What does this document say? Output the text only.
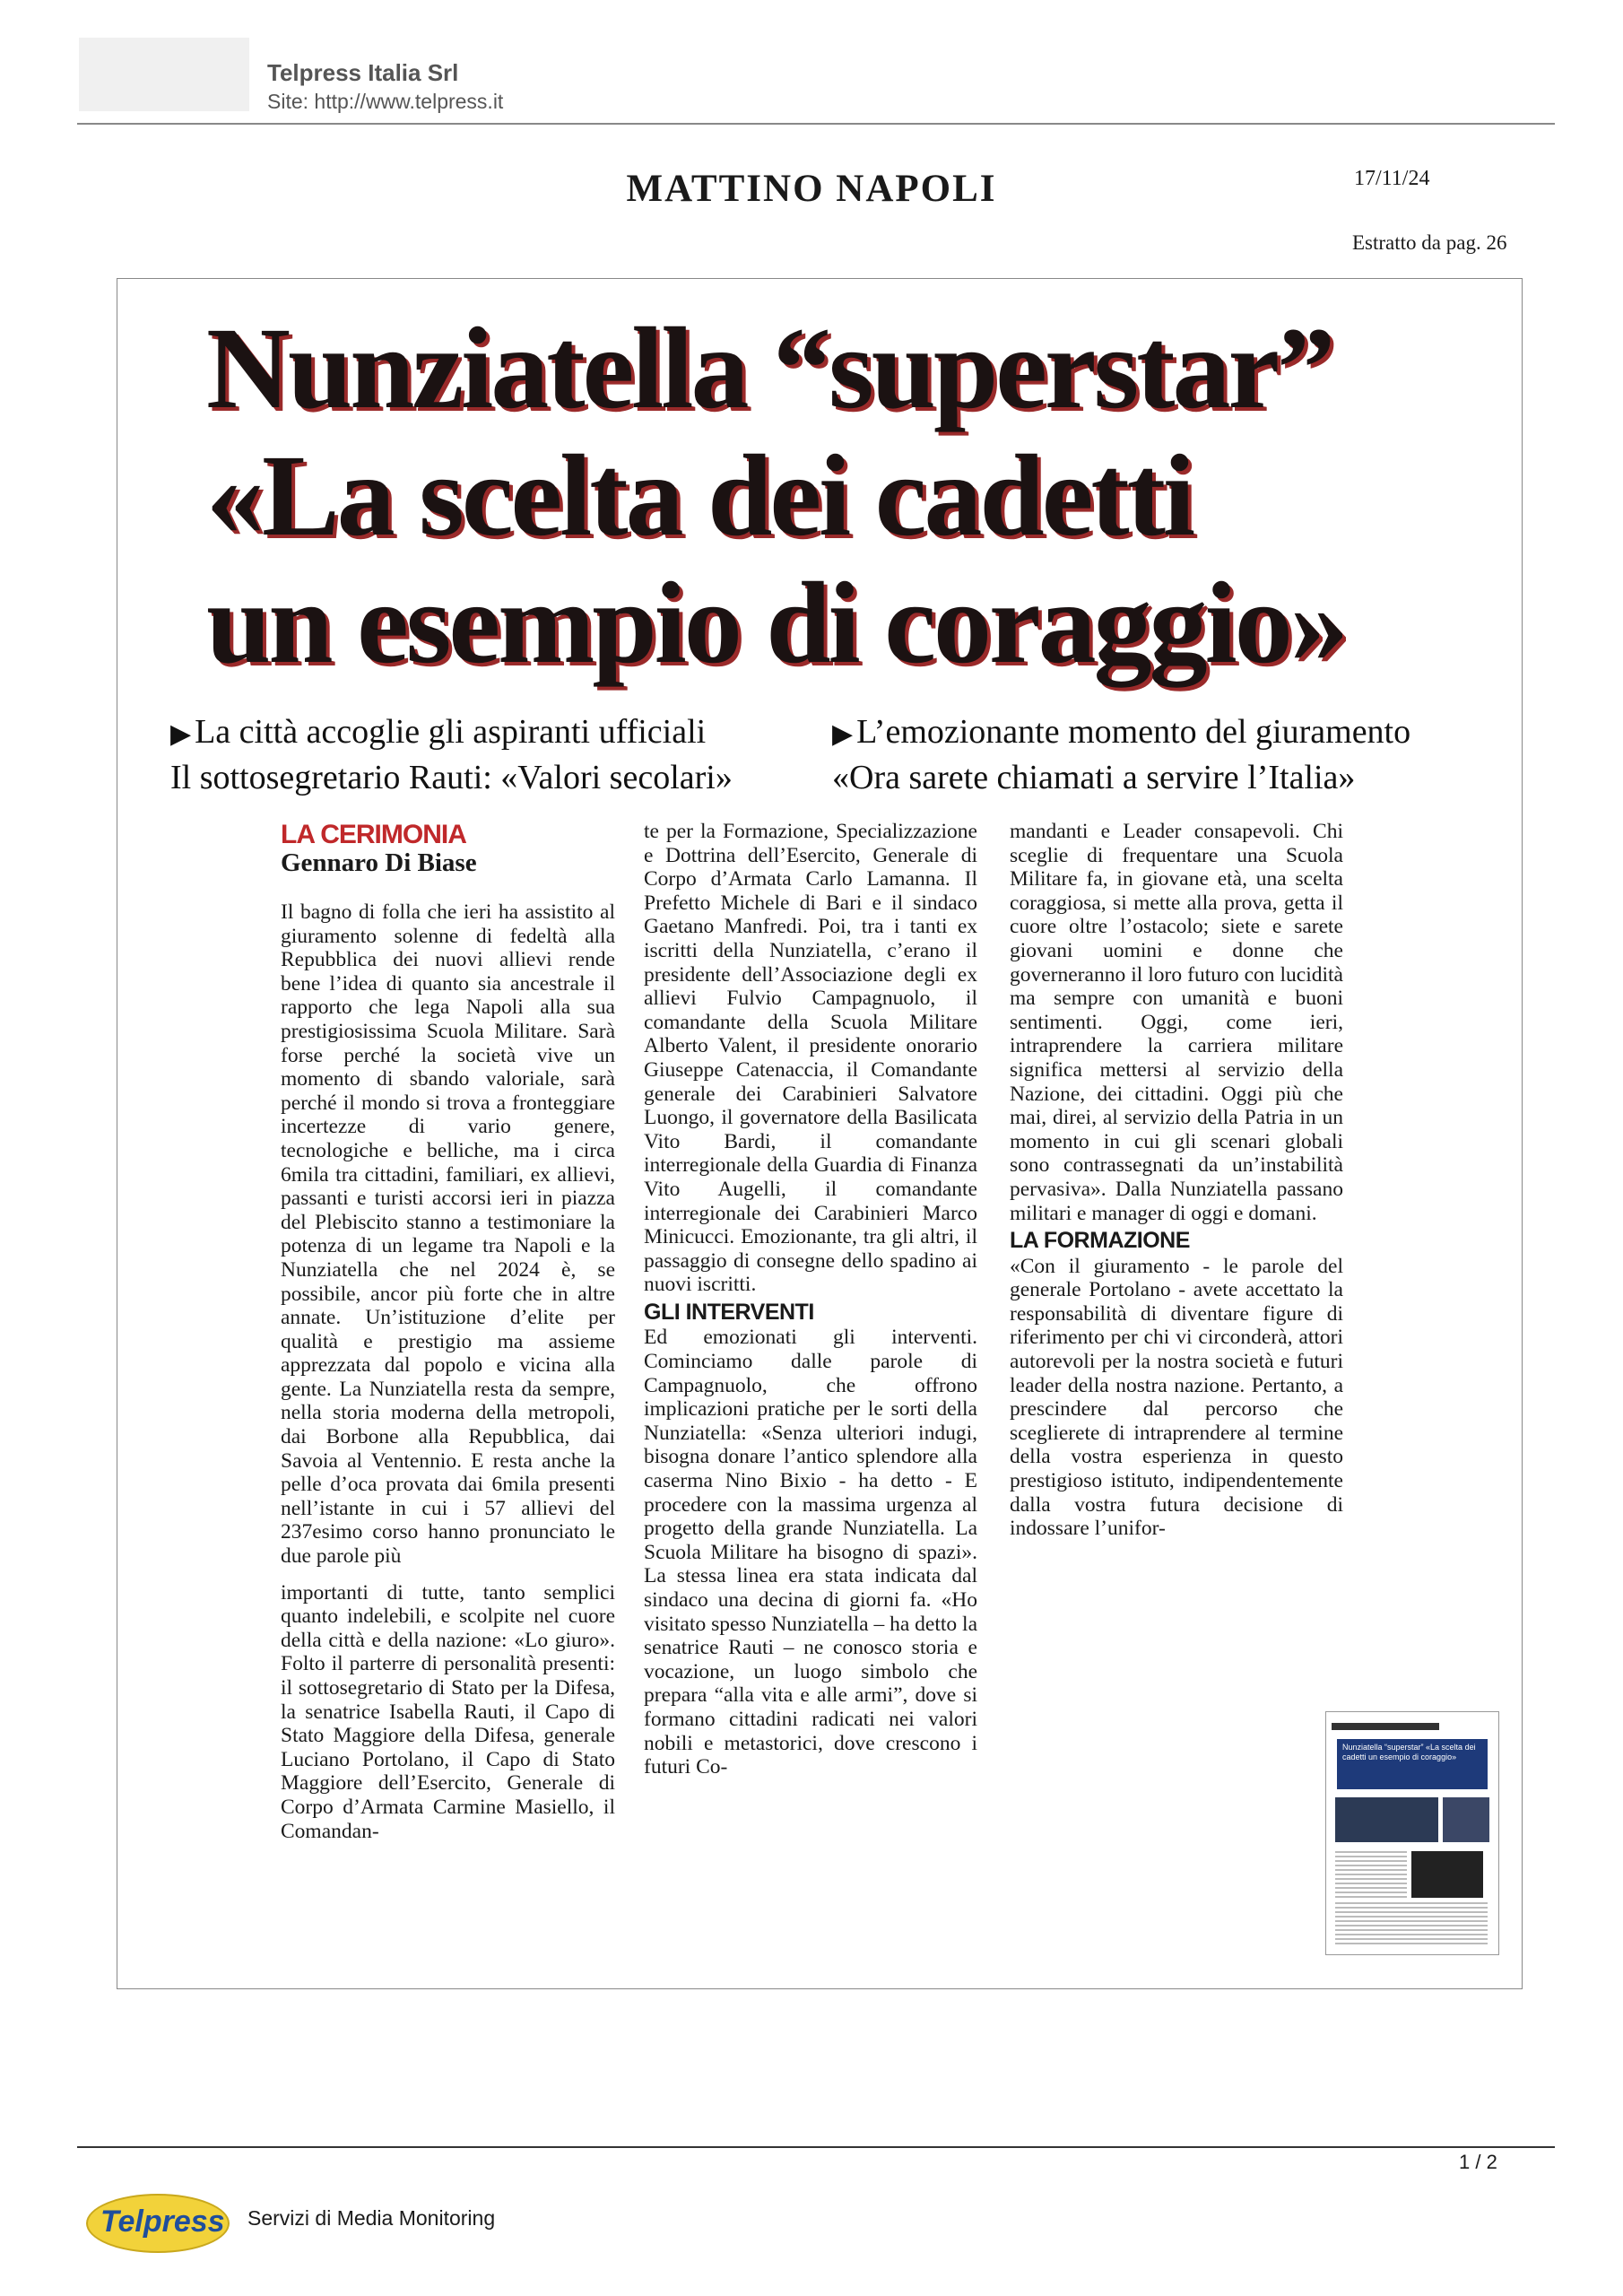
Telpress Italia Srl
Site: http://www.telpress.it
MATTINO NAPOLI	17/11/24
Estratto da pag. 26
Nunziatella “superstar”
«La scelta dei cadetti
un esempio di coraggio»
▶ La città accoglie gli aspiranti ufficiali
Il sottosegretario Rauti: «Valori secolari»
▶ L’emozionante momento del giuramento
«Ora sarete chiamati a servire l’Italia»
LA CERIMONIA
Gennaro Di Biase

Il bagno di folla che ieri ha assistito al giuramento solenne di fedeltà alla Repubblica dei nuovi allievi rende bene l’idea di quanto sia ancestrale il rapporto che lega Napoli alla sua prestigiosissima Scuola Militare. Sarà forse perché la società vive un momento di sbando valoriale, sarà perché il mondo si trova a fronteggiare incertezze di vario genere, tecnologiche e belliche, ma i circa 6mila tra cittadini, familiari, ex allievi, passanti e turisti accorsi ieri in piazza del Plebiscito stanno a testimoniare la potenza di un legame tra Napoli e la Nunziatella che nel 2024 è, se possibile, ancor più forte che in altre annate. Un’istituzione d’elite per qualità e prestigio ma assieme apprezzata dal popolo e vicina alla gente. La Nunziatella resta da sempre, nella storia moderna della metropoli, dai Borbone alla Repubblica, dai Savoia al Ventennio. E resta anche la pelle d’oca provata dai 6mila presenti nell’istante in cui i 57 allievi del 237esimo corso hanno pronunciato le due parole più

importanti di tutte, tanto semplici quanto indelebili, e scolpite nel cuore della città e della nazione: «Lo giuro». Folto il parterre di personalità presenti: il sottosegretario di Stato per la Difesa, la senatrice Isabella Rauti, il Capo di Stato Maggiore della Difesa, generale Luciano Portolano, il Capo di Stato Maggiore dell’Esercito, Generale di Corpo d’Armata Carmine Masiello, il Comandan-

te per la Formazione, Specializzazione e Dottrina dell’Esercito, Generale di Corpo d’Armata Carlo Lamanna. Il Prefetto Michele di Bari e il sindaco Gaetano Manfredi. Poi, tra i tanti ex iscritti della Nunziatella, c’erano il presidente dell’Associazione degli ex allievi Fulvio Campagnuolo, il comandante della Scuola Militare Alberto Valent, il presidente onorario Giuseppe Catenaccia, il Comandante generale dei Carabinieri Salvatore Luongo, il governatore della Basilicata Vito Bardi, il comandante interregionale della Guardia di Finanza Vito Augelli, il comandante interregionale dei Carabinieri Marco Minicucci. Emozionante, tra gli altri, il passaggio di consegne dello spadino ai nuovi iscritti.

GLI INTERVENTI

Ed emozionati gli interventi. Cominciamo dalle parole di Campagnuolo, che offrono implicazioni pratiche per le sorti della Nunziatella: «Senza ulteriori indugi, bisogna donare l’antico splendore alla caserma Nino Bixio - ha detto - E procedere con la massima urgenza al progetto della grande Nunziatella. La Scuola Militare ha bisogno di spazi». La stessa linea era stata indicata dal sindaco una decina di giorni fa. «Ho visitato spesso Nunziatella – ha detto la senatrice Rauti – ne conosco storia e vocazione, un luogo simbolo che prepara “alla vita e alle armi”, dove si formano cittadini radicati nei valori nobili e metastorici, dove crescono i futuri Co-

mandanti e Leader consapevoli. Chi sceglie di frequentare una Scuola Militare fa, in giovane età, una scelta coraggiosa, si mette alla prova, getta il cuore oltre l’ostacolo; siete e sarete giovani uomini e donne che governeranno il loro futuro con lucidità ma sempre con umanità e buoni sentimenti. Oggi, come ieri, intraprendere la carriera militare significa mettersi al servizio della Nazione, dei cittadini. Oggi più che mai, direi, al servizio della Patria in un momento in cui gli scenari globali sono contrassegnati da un’instabilità pervasiva». Dalla Nunziatella passano militari e manager di oggi e domani.

LA FORMAZIONE

«Con il giuramento - le parole del generale Portolano - avete accettato la responsabilità di diventare figure di riferimento per chi vi circonderà, attori autorevoli per la nostra società e futuri leader della nostra nazione. Pertanto, a prescindere dal percorso che sceglierete di intraprendere al termine della vostra esperienza in questo prestigioso istituto, indipendentemente dalla vostra futura decisione di indossare l’unifor-

Nunziatella “superstar” «La scelta dei cadetti un esempio di coraggio»
1 / 2
Telpress Servizi di Media Monitoring
